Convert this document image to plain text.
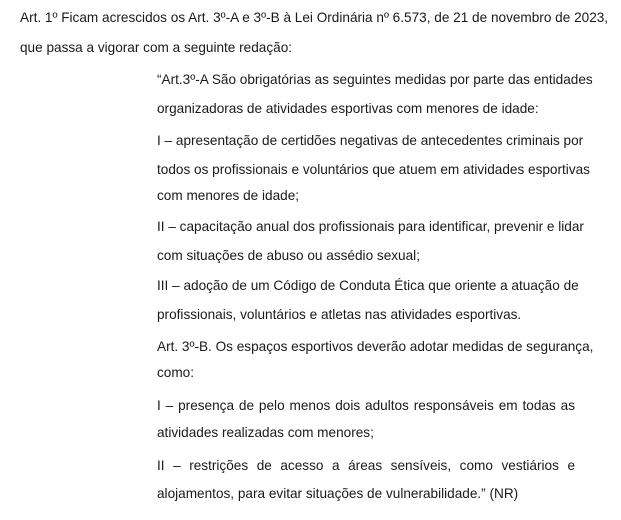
Art. 1º Ficam acrescidos os Art. 3º-A e 3º-B à Lei Ordinária nº 6.573, de 21 de novembro de 2023,
que passa a vigorar com a seguinte redação:
“Art.3º-A São obrigatórias as seguintes medidas por parte das entidades
organizadoras de atividades esportivas com menores de idade:
I – apresentação de certidões negativas de antecedentes criminais por
todos os profissionais e voluntários que atuem em atividades esportivas
com menores de idade;
II – capacitação anual dos profissionais para identificar, prevenir e lidar
com situações de abuso ou assédio sexual;
III – adoção de um Código de Conduta Ética que oriente a atuação de
profissionais, voluntários e atletas nas atividades esportivas.
Art. 3º-B. Os espaços esportivos deverão adotar medidas de segurança,
como:
I – presença de pelo menos dois adultos responsáveis em todas as
atividades realizadas com menores;
II – restrições de acesso a áreas sensíveis, como vestiários e
alojamentos, para evitar situações de vulnerabilidade.” (NR)
